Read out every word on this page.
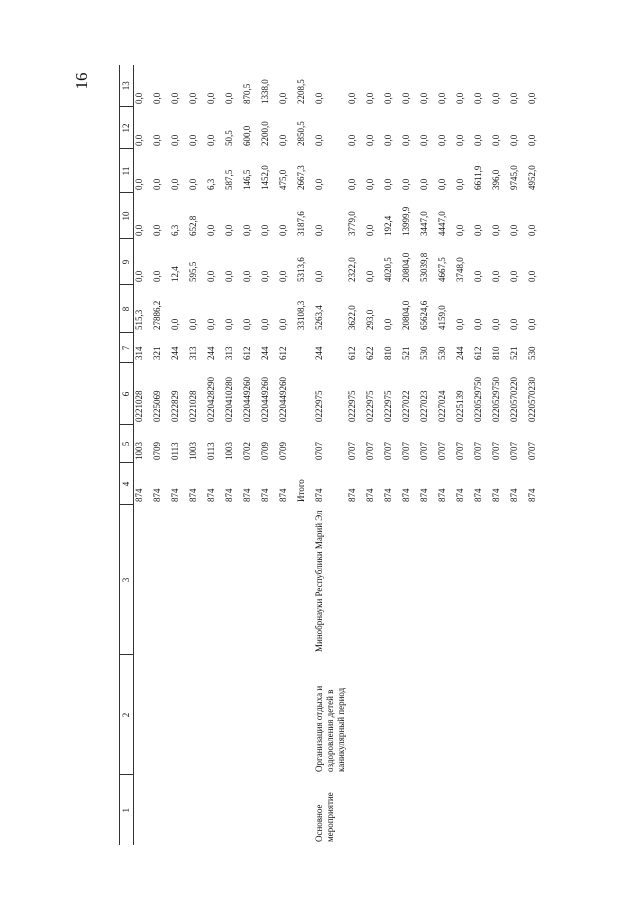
16
1	2	3	4	5	6	7	8	9	10	11	12	13
			874	1003	0221028	314	515,3	0,0	0,0	0,0	0,0	0,0
			874	0709	0225069	321	27886,2	0,0	0,0	0,0	0,0	0,0
			874	0113	0222829	244	0,0	12,4	6,3	0,0	0,0	0,0
			874	1003	0221028	313	0,0	595,5	652,8	0,0	0,0	0,0
			874	0113	0220428290	244	0,0	0,0	0,0	6,3	0,0	0,0
			874	1003	0220410280	313	0,0	0,0	0,0	587,5	50,5	0,0
			874	0702	0220449260	612	0,0	0,0	0,0	146,5	600,0	870,5
			874	0709	0220449260	244	0,0	0,0	0,0	1452,0	2200,0	1338,0
			874	0709	0220449260	612	0,0	0,0	0,0	475,0	0,0	0,0
			Итого				33108,3	5313,6	3187,6	2667,3	2850,5	2208,5
Основное мероприятие	Организация отдыха и оздоровления детей в каникулярный период	Минобрнауки Республики Марий Эл	874	0707	0222975	244	5263,4	0,0	0,0	0,0	0,0	0,0
			874	0707	0222975	612	3622,0	2322,0	3779,0	0,0	0,0	0,0
			874	0707	0222975	622	293,0	0,0	0,0	0,0	0,0	0,0
			874	0707	0222975	810	0,0	4020,5	192,4	0,0	0,0	0,0
			874	0707	0227022	521	20804,0	20804,0	13999,9	0,0	0,0	0,0
			874	0707	0227023	530	65624,6	53039,8	3447,0	0,0	0,0	0,0
			874	0707	0227024	530	4159,0	4667,5	4447,0	0,0	0,0	0,0
			874	0707	0225139	244	0,0	3748,0	0,0	0,0	0,0	0,0
			874	0707	0220529750	612	0,0	0,0	0,0	6611,9	0,0	0,0
			874	0707	0220529750	810	0,0	0,0	0,0	396,0	0,0	0,0
			874	0707	0220570220	521	0,0	0,0	0,0	9745,0	0,0	0,0
			874	0707	0220570230	530	0,0	0,0	0,0	4952,0	0,0	0,0
